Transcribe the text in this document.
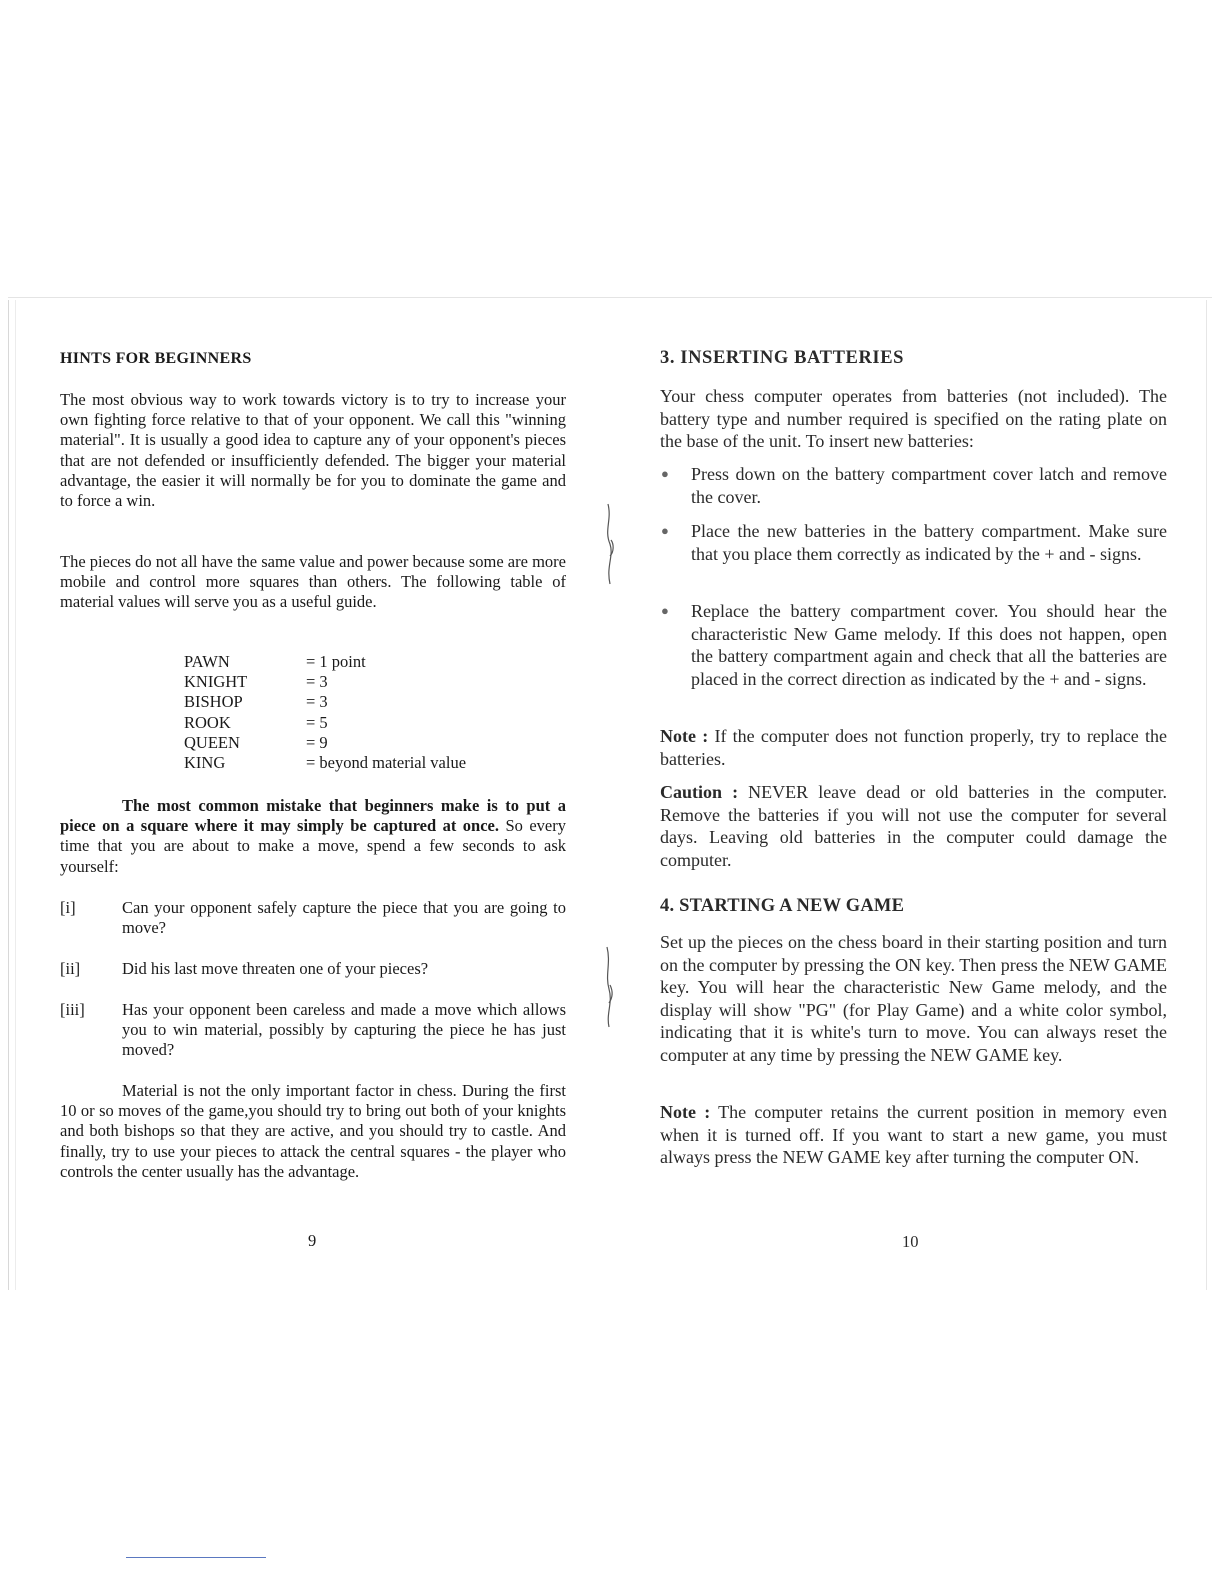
HINTS FOR BEGINNERS

The most obvious way to work towards victory is to try to increase your own fighting force relative to that of your opponent. We call this "winning material". It is usually a good idea to capture any of your opponent's pieces that are not defended or insufficiently defended. The bigger your material advantage, the easier it will normally be for you to dominate the game and to force a win.

The pieces do not all have the same value and power because some are more mobile and control more squares than others. The following table of material values will serve you as a useful guide.

PAWN	= 1 point
KNIGHT	= 3
BISHOP	= 3
ROOK	= 5
QUEEN	= 9
KING	= beyond material value

The most common mistake that beginners make is to put a piece on a square where it may simply be captured at once. So every time that you are about to make a move, spend a few seconds to ask yourself:

[i]	Can your opponent safely capture the piece that you are going to move?
[ii]	Did his last move threaten one of your pieces?
[iii]	Has your opponent been careless and made a move which allows you to win material, possibly by capturing the piece he has just moved?

Material is not the only important factor in chess. During the first 10 or so moves of the game,you should try to bring out both of your knights and both bishops so that they are active, and you should try to castle. And finally, try to use your pieces to attack the central squares - the player who controls the center usually has the advantage.

9
3. INSERTING BATTERIES

Your chess computer operates from batteries (not included). The battery type and number required is specified on the rating plate on the base of the unit. To insert new batteries:

●	Press down on the battery compartment cover latch and remove the cover.
●	Place the new batteries in the battery compartment. Make sure that you place them correctly as indicated by the + and - signs.
●	Replace the battery compartment cover. You should hear the characteristic New Game melody. If this does not happen, open the battery compartment again and check that all the batteries are placed in the correct direction as indicated by the + and - signs.

Note : If the computer does not function properly, try to replace the batteries.

Caution : NEVER leave dead or old batteries in the computer. Remove the batteries if you will not use the computer for several days. Leaving old batteries in the computer could damage the computer.

4. STARTING A NEW GAME

Set up the pieces on the chess board in their starting position and turn on the computer by pressing the ON key. Then press the NEW GAME key. You will hear the characteristic New Game melody, and the display will show "PG" (for Play Game) and a white color symbol, indicating that it is white's turn to move. You can always reset the computer at any time by pressing the NEW GAME key.

Note : The computer retains the current position in memory even when it is turned off. If you want to start a new game, you must always press the NEW GAME key after turning the computer ON.

10
